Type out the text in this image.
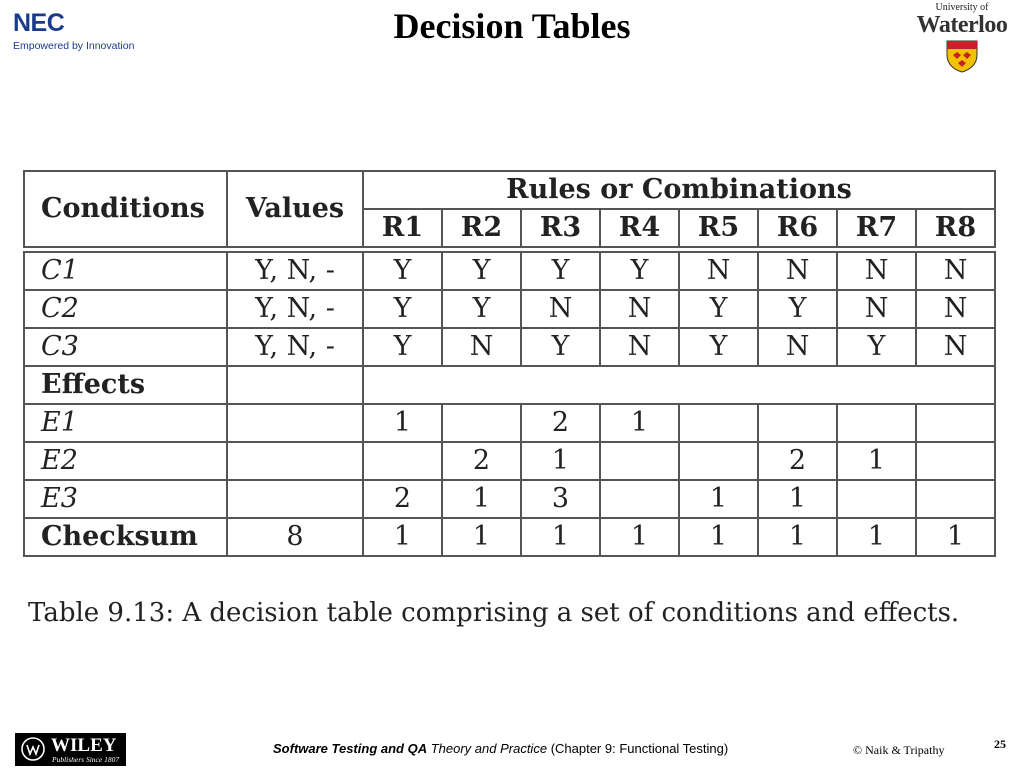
NEC
Empowered by Innovation	Decision Tables	University of
Waterloo
Conditions	Values	Rules or Combinations							
		R1	R2	R3	R4	R5	R6	R7	R8

C1	Y, N, -	Y	Y	Y	Y	N	N	N	N
C2	Y, N, -	Y	Y	N	N	Y	Y	N	N
C3	Y, N, -	Y	N	Y	N	Y	N	Y	N
Effects									
E1		1		2	1				
E2			2	1			2	1	
E3		2	1	3		1	1		
Checksum	8	1	1	1	1	1	1	1	1
Table 9.13: A decision table comprising a set of conditions and effects.
WILEY
Publishers Since 1807
Software Testing and QA Theory and Practice (Chapter 9: Functional Testing)	© Naik & Tripathy	25
